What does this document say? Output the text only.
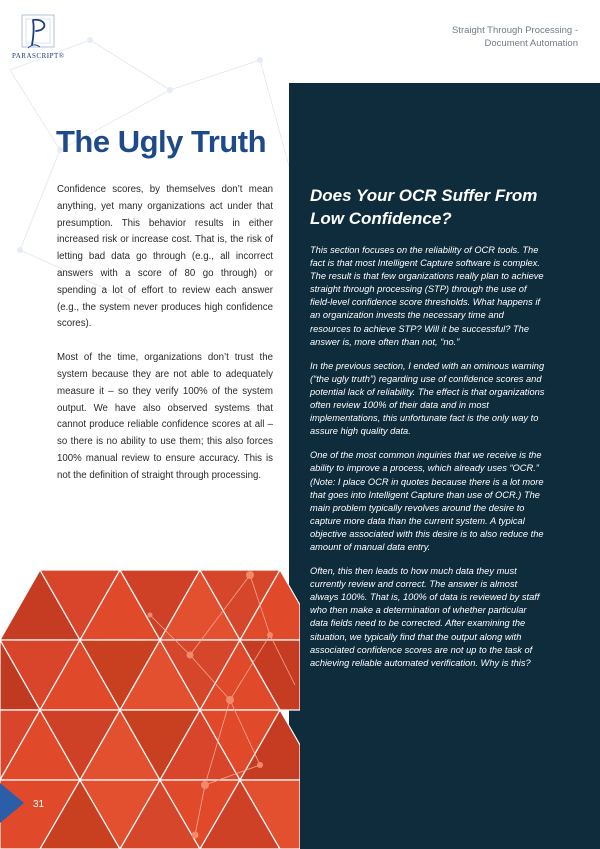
PARASCRIPT®
Straight Through Processing -
Document Automation
The Ugly Truth

Confidence scores, by themselves don’t mean anything, yet many organizations act under that presumption. This behavior results in either increased risk or increase cost. That is, the risk of letting bad data go through (e.g., all incorrect answers with a score of 80 go through) or spending a lot of effort to review each answer (e.g., the system never produces high confidence scores).

Most of the time, organizations don’t trust the system because they are not able to adequately measure it – so they verify 100% of the system output. We have also observed systems that cannot produce reliable confidence scores at all – so there is no ability to use them; this also forces 100% manual review to ensure accuracy. This is not the definition of straight through processing.

31
Does Your OCR Suffer From Low Confidence?

This section focuses on the reliability of OCR tools. The fact is that most Intelligent Capture software is complex. The result is that few organizations really plan to achieve straight through processing (STP) through the use of field-level confidence score thresholds. What happens if an organization invests the necessary time and resources to achieve STP? Will it be successful? The answer is, more often than not, “no.”

In the previous section, I ended with an ominous warning (“the ugly truth”) regarding use of confidence scores and potential lack of reliability. The effect is that organizations often review 100% of their data and in most implementations, this unfortunate fact is the only way to assure high quality data.

One of the most common inquiries that we receive is the ability to improve a process, which already uses “OCR.” (Note: I place OCR in quotes because there is a lot more that goes into Intelligent Capture than use of OCR.) The main problem typically revolves around the desire to capture more data than the current system. A typical objective associated with this desire is to also reduce the amount of manual data entry.

Often, this then leads to how much data they must currently review and correct. The answer is almost always 100%. That is, 100% of data is reviewed by staff who then make a determination of whether particular data fields need to be corrected. After examining the situation, we typically find that the output along with associated confidence scores are not up to the task of achieving reliable automated verification. Why is this?
